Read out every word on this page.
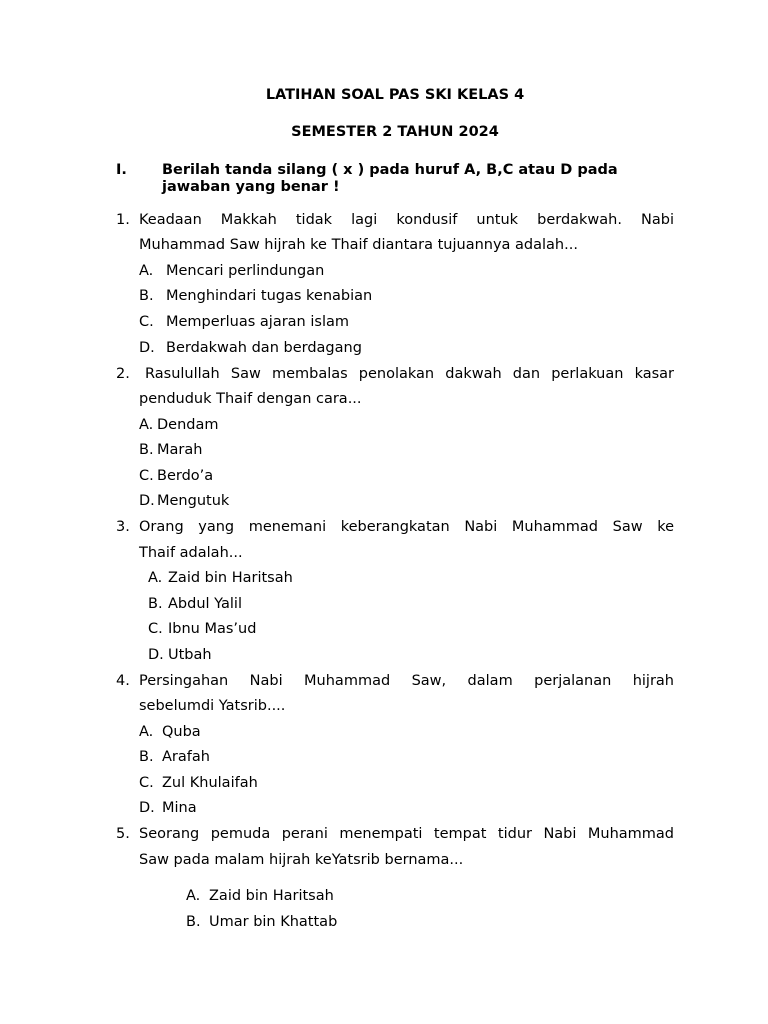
LATIHAN SOAL PAS SKI KELAS 4
SEMESTER 2 TAHUN 2024
I. Berilah tanda silang ( x ) pada huruf A, B,C atau D pada
jawaban yang benar !
1. Keadaan Makkah tidak lagi kondusif untuk berdakwah. Nabi
Muhammad Saw hijrah ke Thaif diantara tujuannya adalah...
A. Mencari perlindungan
B. Menghindari tugas kenabian
C. Memperluas ajaran islam
D. Berdakwah dan berdagang
2. Rasulullah Saw membalas penolakan dakwah dan perlakuan kasar
penduduk Thaif dengan cara...
A. Dendam
B. Marah
C. Berdo’a
D. Mengutuk
3. Orang yang menemani keberangkatan Nabi Muhammad Saw ke
Thaif adalah...
A. Zaid bin Haritsah
B. Abdul Yalil
C. Ibnu Mas’ud
D. Utbah
4. Persingahan Nabi Muhammad Saw, dalam perjalanan hijrah
sebelumdi Yatsrib....
A. Quba
B. Arafah
C. Zul Khulaifah
D. Mina
5. Seorang pemuda perani menempati tempat tidur Nabi Muhammad
Saw pada malam hijrah keYatsrib bernama...
A. Zaid bin Haritsah
B. Umar bin Khattab
